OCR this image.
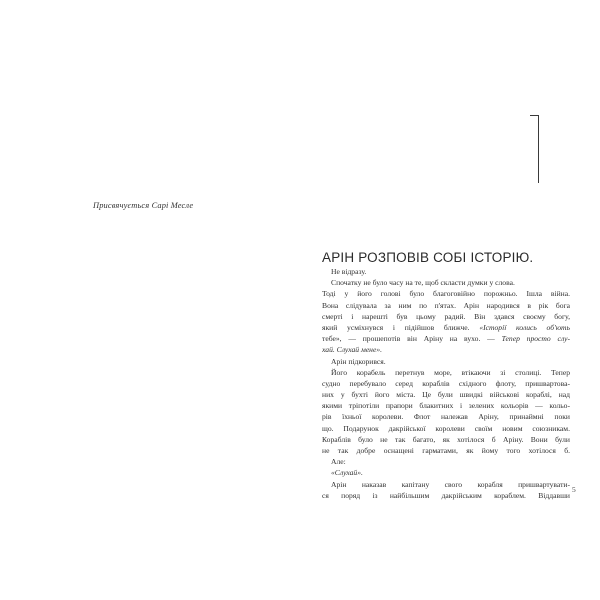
Присвячується Сарі Месле
АРІН РОЗПОВІВ СОБІ ІСТОРІЮ.
Не відразу.
Спочатку не було часу на те, щоб скласти думки у слова.
Тоді у його голові було благоговійно порожньо. Ішла війна.
Вона слідувала за ним по п'ятах. Арін народився в рік бога
смерті і нарешті був цьому радий. Він здався своєму богу,
який усміхнувся і підійшов ближче. «Історії колись об'ють
тебе», — прошепотів він Аріну на вухо. — Тепер просто слу-
хай. Слухай мене».
Арін підкорився.
Його корабель перетнув море, втікаючи зі столиці. Тепер
судно перебувало серед кораблів східного флоту, пришвартова-
них у бухті його міста. Це були швидкі військові кораблі, над
якими тріпотіли прапори блакитних і зелених кольорів — кольо-
рів їхньої королеви. Флот належав Аріну, принаймні поки
що. Подарунок дакрійської королеви своїм новим союзникам.
Кораблів було не так багато, як хотілося б Аріну. Вони були
не так добре оснащені гарматами, як йому того хотілося б.
Але:
«Слухай».
Арін наказав капітану свого корабля пришвартувати-
ся поряд із найбільшим дакрійським кораблем. Віддавши
5
